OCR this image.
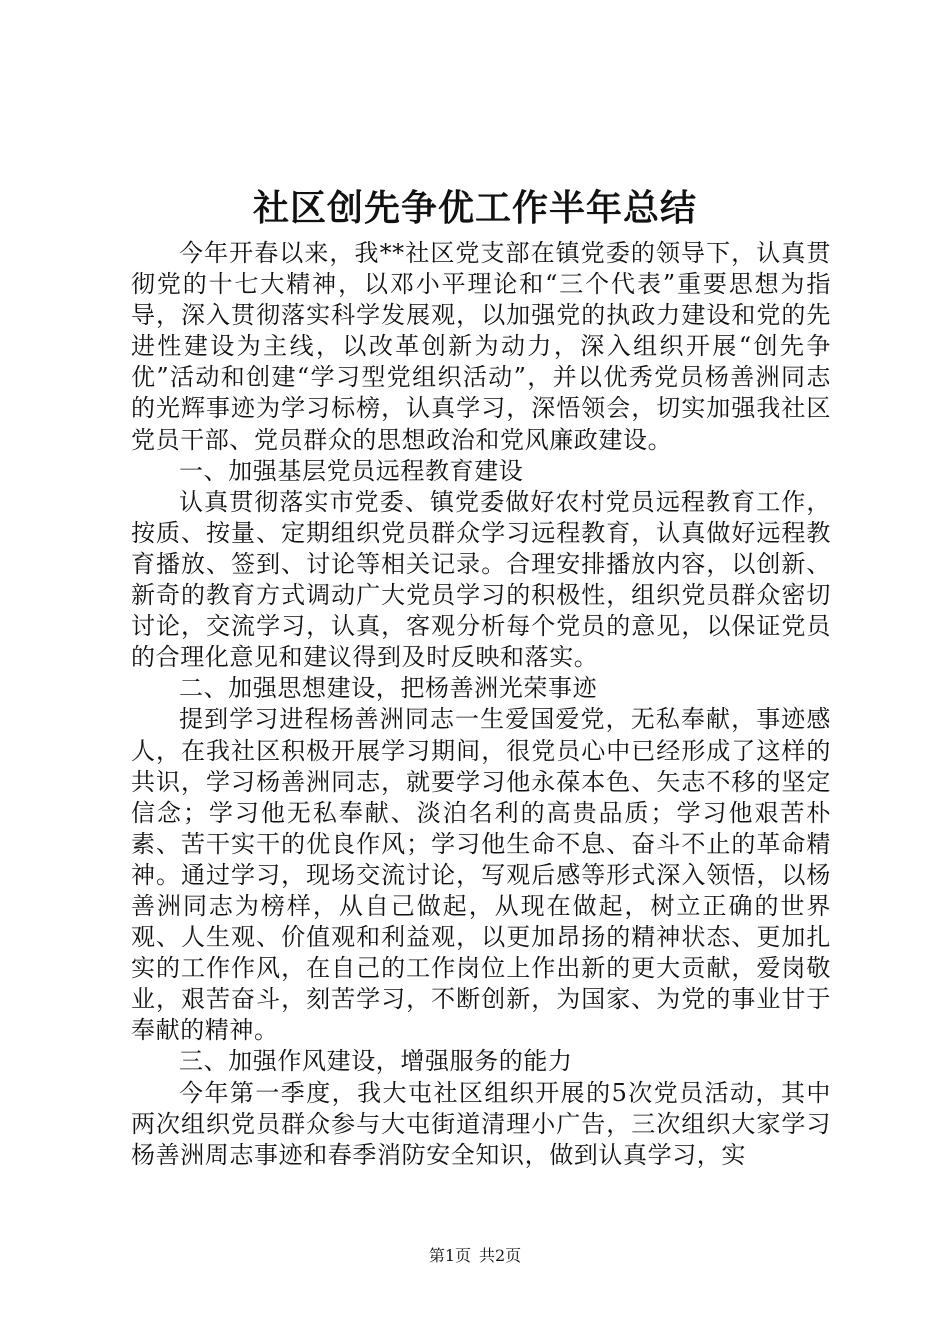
社区创先争优工作半年总结

今年开春以来，我**社区党支部在镇党委的领导下，认真贯彻党的十七大精神，以邓小平理论和“三个代表”重要思想为指导，深入贯彻落实科学发展观，以加强党的执政力建设和党的先进性建设为主线，以改革创新为动力，深入组织开展“创先争优”活动和创建“学习型党组织活动”，并以优秀党员杨善洲同志的光辉事迹为学习标榜，认真学习，深悟领会，切实加强我社区党员干部、党员群众的思想政治和党风廉政建设。

一、加强基层党员远程教育建设

认真贯彻落实市党委、镇党委做好农村党员远程教育工作，按质、按量、定期组织党员群众学习远程教育，认真做好远程教育播放、签到、讨论等相关记录。合理安排播放内容，以创新、新奇的教育方式调动广大党员学习的积极性，组织党员群众密切讨论，交流学习，认真，客观分析每个党员的意见，以保证党员的合理化意见和建议得到及时反映和落实。

二、加强思想建设，把杨善洲光荣事迹

提到学习进程杨善洲同志一生爱国爱党，无私奉献，事迹感人，在我社区积极开展学习期间，很党员心中已经形成了这样的共识，学习杨善洲同志，就要学习他永葆本色、矢志不移的坚定信念；学习他无私奉献、淡泊名利的高贵品质；学习他艰苦朴素、苦干实干的优良作风；学习他生命不息、奋斗不止的革命精神。通过学习，现场交流讨论，写观后感等形式深入领悟，以杨善洲同志为榜样，从自己做起，从现在做起，树立正确的世界观、人生观、价值观和利益观，以更加昂扬的精神状态、更加扎实的工作作风，在自己的工作岗位上作出新的更大贡献，爱岗敬业，艰苦奋斗，刻苦学习，不断创新，为国家、为党的事业甘于奉献的精神。

三、加强作风建设，增强服务的能力

今年第一季度，我大屯社区组织开展的5次党员活动，其中两次组织党员群众参与大屯街道清理小广告，三次组织大家学习杨善洲周志事迹和春季消防安全知识，做到认真学习，实

第1页 共2页
